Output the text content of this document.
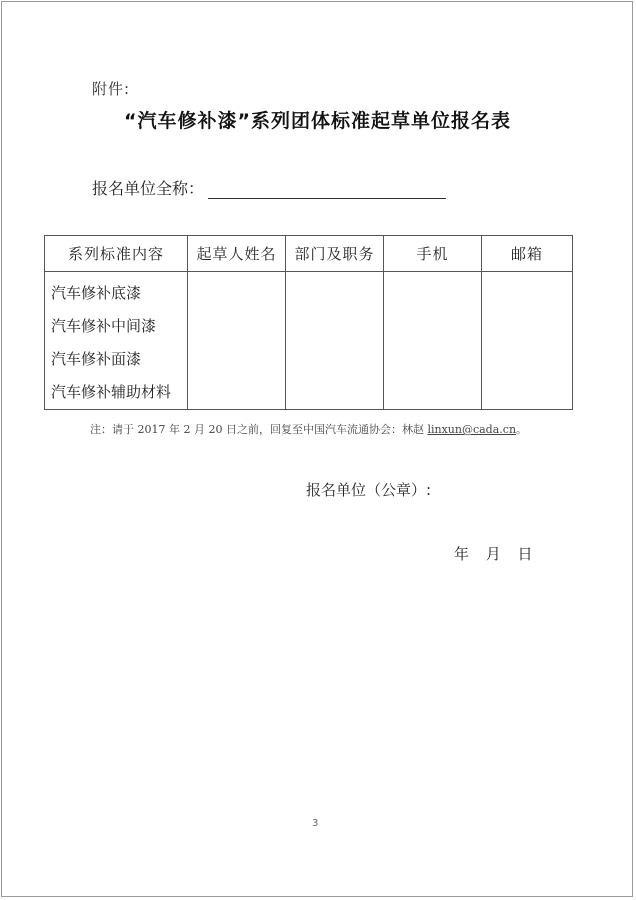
附件:
“汽车修补漆”系列团体标准起草单位报名表
报名单位全称：
系列标准内容	起草人姓名	部门及职务	手机	邮箱

汽车修补底漆
汽车修补中间漆
汽车修补面漆
汽车修补辅助材料				

注：请于 2017 年 2 月 20 日之前，回复至中国汽车流通协会：林赵 linxun@cada.cn。
报名单位（公章）:
年 月 日
3
